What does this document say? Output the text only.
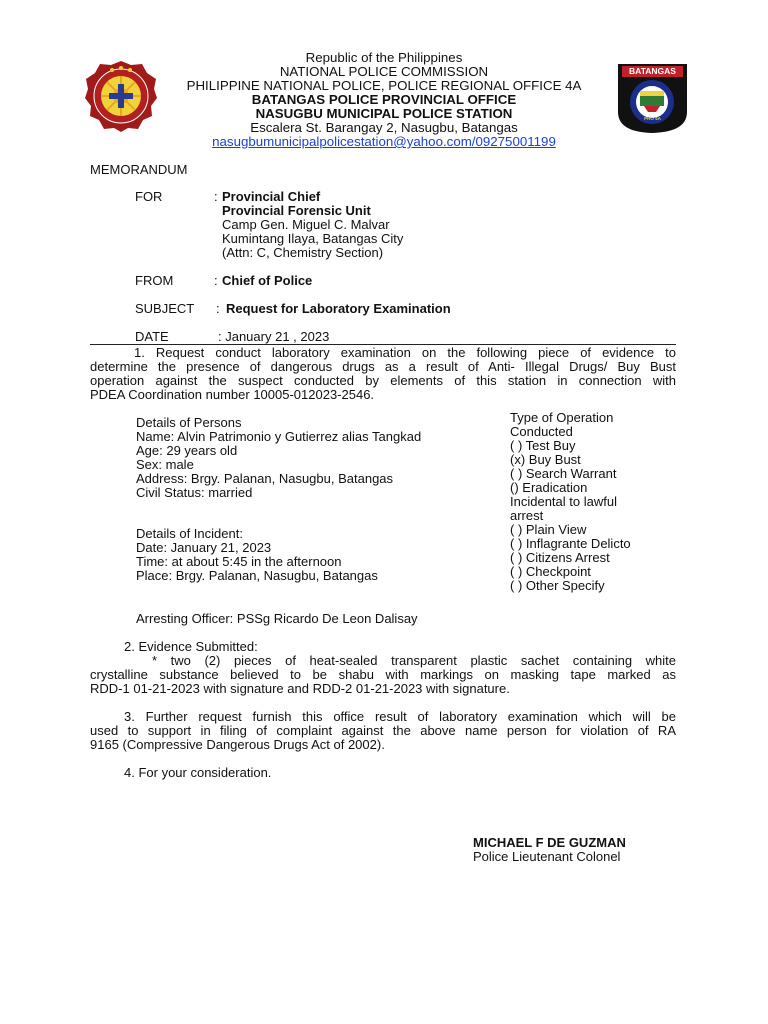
BATANGAS
PRO 4A
Republic of the Philippines
NATIONAL POLICE COMMISSION
PHILIPPINE NATIONAL POLICE, POLICE REGIONAL OFFICE 4A
BATANGAS POLICE PROVINCIAL OFFICE
NASUGBU MUNICIPAL POLICE STATION
Escalera St. Barangay 2, Nasugbu, Batangas
nasugbumunicipalpolicestation@yahoo.com/09275001199
MEMORANDUM
FOR	: Provincial Chief
Provincial Forensic Unit
Camp Gen. Miguel C. Malvar
Kumintang Ilaya, Batangas City
(Attn: C, Chemistry Section)
FROM	: Chief of Police
SUBJECT : Request for Laboratory Examination
DATE	: January 21 , 2023
1. Request conduct laboratory examination on the following piece of evidence to
determine the presence of dangerous drugs as a result of Anti- Illegal Drugs/ Buy Bust
operation against the suspect conducted by elements of this station in connection with
PDEA Coordination number 10005-012023-2546.
Details of Persons
Name: Alvin Patrimonio y Gutierrez alias Tangkad
Age: 29 years old
Sex: male
Address: Brgy. Palanan, Nasugbu, Batangas
Civil Status: married
Type of Operation
Conducted
( ) Test Buy
(x) Buy Bust
( ) Search Warrant
() Eradication
Incidental to lawful
arrest
( ) Plain View
( ) Inflagrante Delicto
( ) Citizens Arrest
( ) Checkpoint
( ) Other Specify
Details of Incident:
Date: January 21, 2023
Time: at about 5:45 in the afternoon
Place: Brgy. Palanan, Nasugbu, Batangas
Arresting Officer: PSSg Ricardo De Leon Dalisay
2. Evidence Submitted:
* two (2) pieces of heat-sealed transparent plastic sachet containing white
crystalline substance believed to be shabu with markings on masking tape marked as
RDD-1 01-21-2023 with signature and RDD-2 01-21-2023 with signature.
3. Further request furnish this office result of laboratory examination which will be
used to support in filing of complaint against the above name person for violation of RA
9165 (Compressive Dangerous Drugs Act of 2002).
4. For your consideration.
MICHAEL F DE GUZMAN
Police Lieutenant Colonel
